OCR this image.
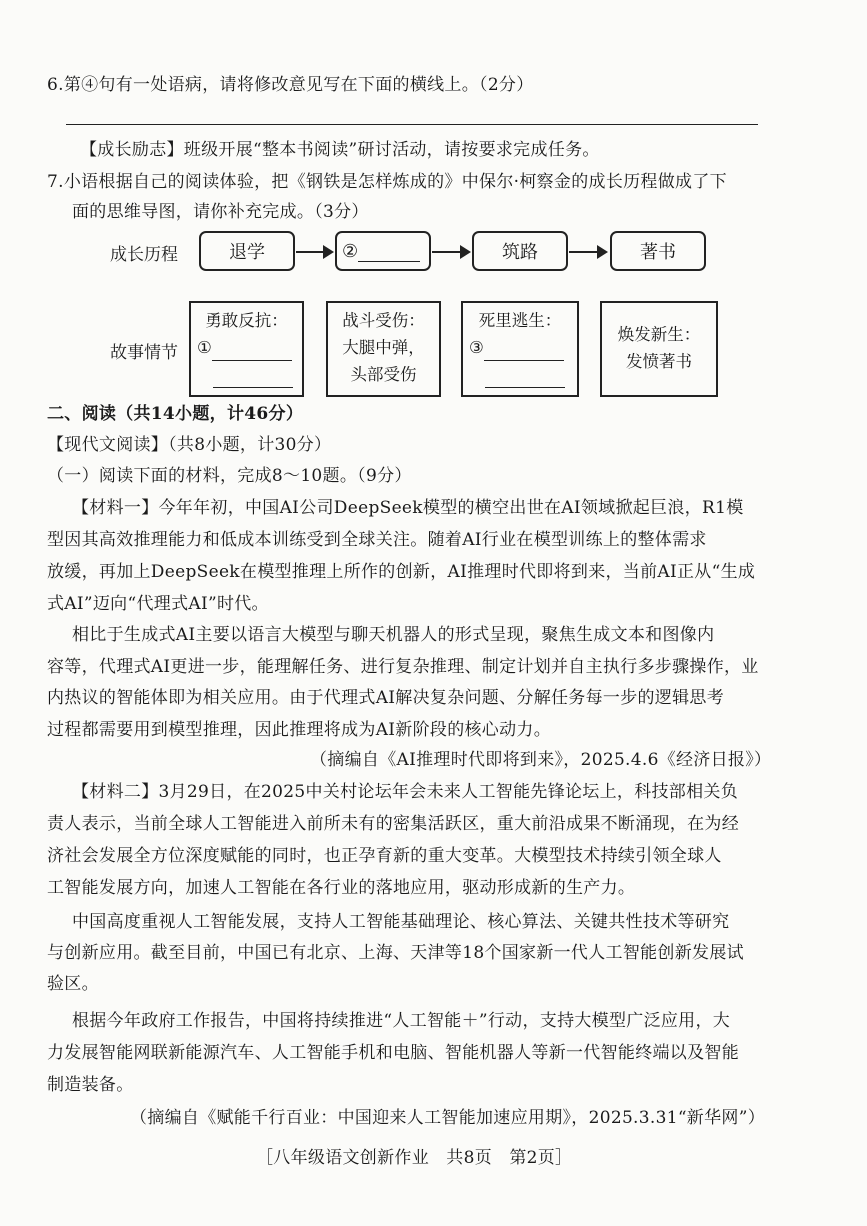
6.第④句有一处语病，请将修改意见写在下面的横线上。（2分）
【成长励志】班级开展“整本书阅读”研讨活动，请按要求完成任务。
7.小语根据自己的阅读体验，把《钢铁是怎样炼成的》中保尔·柯察金的成长历程做成了下
面的思维导图，请你补充完成。（3分）
成长历程
故事情节
退学	②	筑路	著书
勇敢反抗：
①
战斗受伤：
大腿中弹，
头部受伤
死里逃生：
③
焕发新生：
发愤著书
二、阅读（共14小题，计46分）
【现代文阅读】（共8小题，计30分）
（一）阅读下面的材料，完成8～10题。（9分）
【材料一】今年年初，中国AI公司DeepSeek模型的横空出世在AI领域掀起巨浪，R1模
型因其高效推理能力和低成本训练受到全球关注。随着AI行业在模型训练上的整体需求
放缓，再加上DeepSeek在模型推理上所作的创新，AI推理时代即将到来，当前AI正从“生成
式AI”迈向“代理式AI”时代。
相比于生成式AI主要以语言大模型与聊天机器人的形式呈现，聚焦生成文本和图像内
容等，代理式AI更进一步，能理解任务、进行复杂推理、制定计划并自主执行多步骤操作，业
内热议的智能体即为相关应用。由于代理式AI解决复杂问题、分解任务每一步的逻辑思考
过程都需要用到模型推理，因此推理将成为AI新阶段的核心动力。
（摘编自《AI推理时代即将到来》，2025.4.6《经济日报》）
【材料二】3月29日，在2025中关村论坛年会未来人工智能先锋论坛上，科技部相关负
责人表示，当前全球人工智能进入前所未有的密集活跃区，重大前沿成果不断涌现，在为经
济社会发展全方位深度赋能的同时，也正孕育新的重大变革。大模型技术持续引领全球人
工智能发展方向，加速人工智能在各行业的落地应用，驱动形成新的生产力。
中国高度重视人工智能发展，支持人工智能基础理论、核心算法、关键共性技术等研究
与创新应用。截至目前，中国已有北京、上海、天津等18个国家新一代人工智能创新发展试
验区。
根据今年政府工作报告，中国将持续推进“人工智能＋”行动，支持大模型广泛应用，大
力发展智能网联新能源汽车、人工智能手机和电脑、智能机器人等新一代智能终端以及智能
制造装备。
（摘编自《赋能千行百业：中国迎来人工智能加速应用期》，2025.3.31“新华网”）
［八年级语文创新作业　共8页　第2页］
